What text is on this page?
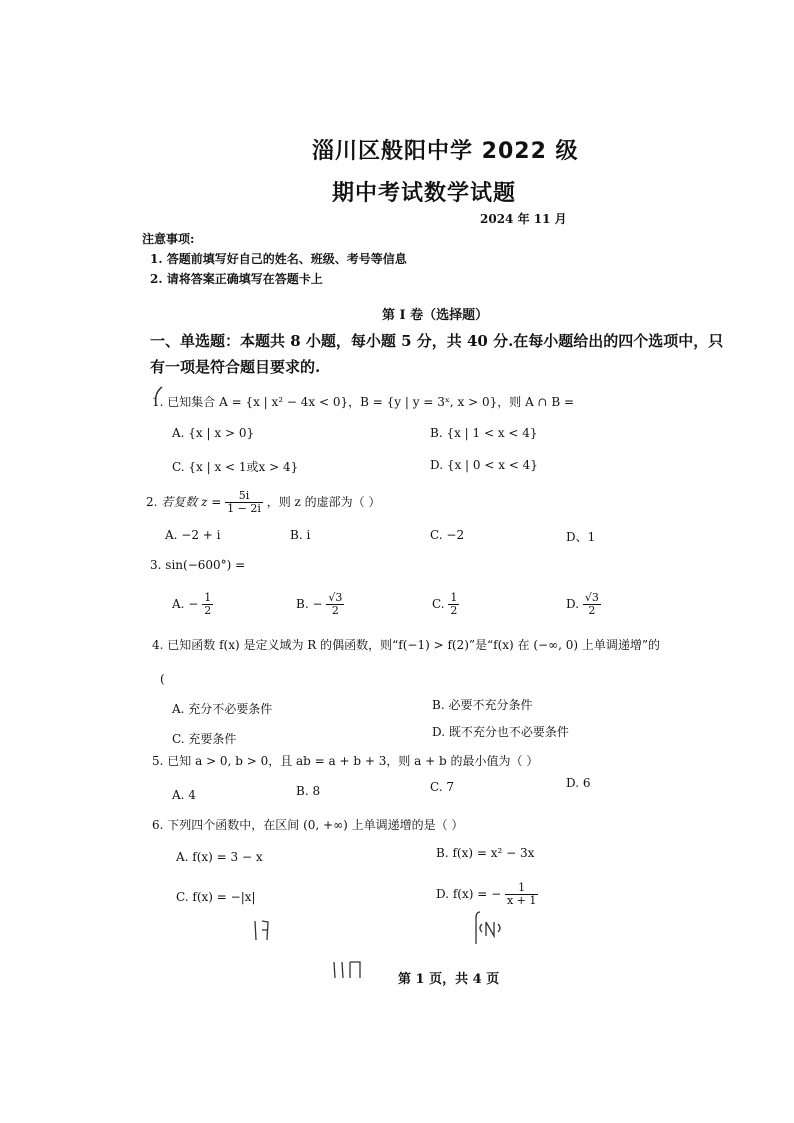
淄川区般阳中学 2022 级
期中考试数学试题
2024 年 11 月
注意事项:
1. 答题前填写好自己的姓名、班级、考号等信息
2. 请将答案正确填写在答题卡上
第 I 卷（选择题）
一、单选题：本题共 8 小题，每小题 5 分，共 40 分.在每小题给出的四个选项中，只
有一项是符合题目要求的.
1. 已知集合 A = {x | x² − 4x < 0}，B = {y | y = 3ˣ, x > 0}，则 A ∩ B =
A. {x | x > 0}	B. {x | 1 < x < 4}
C. {x | x < 1或x > 4}	D. {x | 0 < x < 4}
2. 若复数 $z = \frac{5i}{1 - 2i}$ ，则 z 的虚部为（ ）
A. −2 + i	B. i	C. −2	D、1
3. sin(−600°) =
A. − $\frac{1}{2}$	B. − $\frac{√3}{2}$	C. $\frac{1}{2}$	D. $\frac{√3}{2}$
4. 已知函数 f(x) 是定义域为 R 的偶函数，则“f(−1) > f(2)”是“f(x) 在 (−∞, 0) 上单调递增”的
(
A. 充分不必要条件	B. 必要不充分条件
C. 充要条件	D. 既不充分也不必要条件
5. 已知 a > 0, b > 0，且 ab = a + b + 3，则 a + b 的最小值为（ ）
A. 4	B. 8	C. 7	D. 6
6. 下列四个函数中，在区间 (0, +∞) 上单调递增的是（ ）
A. f(x) = 3 − x	B. f(x) = x² − 3x
C. f(x) = −|x|	D. f(x) = − $\frac{1}{x + 1}$
第 1 页，共 4 页
